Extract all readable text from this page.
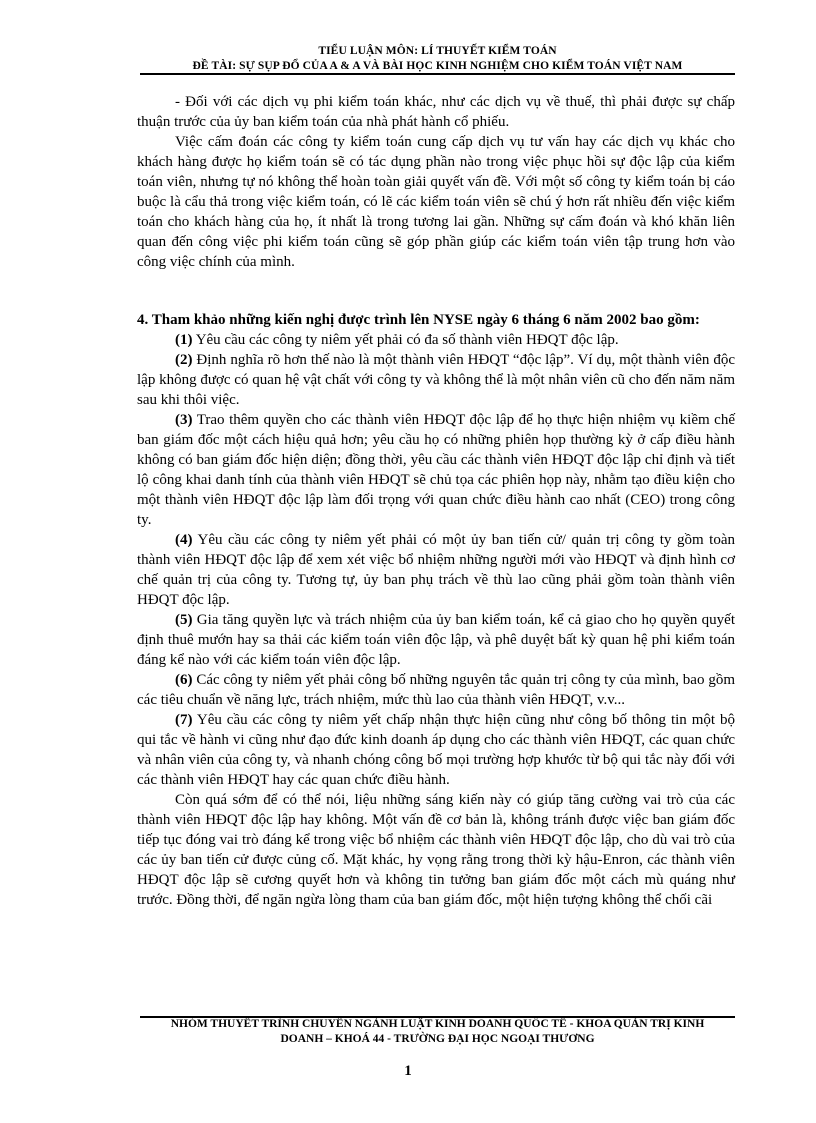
TIỂU LUẬN MÔN: LÍ THUYẾT KIỂM TOÁN
ĐỀ TÀI: SỰ SỤP ĐỔ CỦA A & A VÀ BÀI HỌC KINH NGHIỆM CHO KIỂM TOÁN VIỆT NAM

- Đối với các dịch vụ phi kiểm toán khác, như các dịch vụ về thuế, thì phải được sự chấp thuận trước của ủy ban kiểm toán của nhà phát hành cổ phiếu.

Việc cấm đoán các công ty kiểm toán cung cấp dịch vụ tư vấn hay các dịch vụ khác cho khách hàng được họ kiểm toán sẽ có tác dụng phần nào trong việc phục hồi sự độc lập của kiểm toán viên, nhưng tự nó không thể hoàn toàn giải quyết vấn đề. Với một số công ty kiểm toán bị cáo buộc là cẩu thả trong việc kiểm toán, có lẽ các kiểm toán viên sẽ chú ý hơn rất nhiều đến việc kiểm toán cho khách hàng của họ, ít nhất là trong tương lai gần. Những sự cấm đoán và khó khăn liên quan đến công việc phi kiểm toán cũng sẽ góp phần giúp các kiểm toán viên tập trung hơn vào công việc chính của mình.

4. Tham khảo những kiến nghị được trình lên NYSE ngày 6 tháng 6 năm 2002 bao gồm:

(1) Yêu cầu các công ty niêm yết phải có đa số thành viên HĐQT độc lập.

(2) Định nghĩa rõ hơn thế nào là một thành viên HĐQT “độc lập”. Ví dụ, một thành viên độc lập không được có quan hệ vật chất với công ty và không thể là một nhân viên cũ cho đến năm năm sau khi thôi việc.

(3) Trao thêm quyền cho các thành viên HĐQT độc lập để họ thực hiện nhiệm vụ kiềm chế ban giám đốc một cách hiệu quả hơn; yêu cầu họ có những phiên họp thường kỳ ở cấp điều hành không có ban giám đốc hiện diện; đồng thời, yêu cầu các thành viên HĐQT độc lập chỉ định và tiết lộ công khai danh tính của thành viên HĐQT sẽ chủ tọa các phiên họp này, nhằm tạo điều kiện cho một thành viên HĐQT độc lập làm đối trọng với quan chức điều hành cao nhất (CEO) trong công ty.

(4) Yêu cầu các công ty niêm yết phải có một ủy ban tiến cử/ quản trị công ty gồm toàn thành viên HĐQT độc lập để xem xét việc bổ nhiệm những người mới vào HĐQT và định hình cơ chế quản trị của công ty. Tương tự, ủy ban phụ trách về thù lao cũng phải gồm toàn thành viên HĐQT độc lập.

(5) Gia tăng quyền lực và trách nhiệm của ủy ban kiểm toán, kể cả giao cho họ quyền quyết định thuê mướn hay sa thải các kiểm toán viên độc lập, và phê duyệt bất kỳ quan hệ phi kiểm toán đáng kể nào với các kiểm toán viên độc lập.

(6) Các công ty niêm yết phải công bố những nguyên tắc quản trị công ty của mình, bao gồm các tiêu chuẩn về năng lực, trách nhiệm, mức thù lao của thành viên HĐQT, v.v...

(7) Yêu cầu các công ty niêm yết chấp nhận thực hiện cũng như công bố thông tin một bộ qui tắc về hành vi cũng như đạo đức kinh doanh áp dụng cho các thành viên HĐQT, các quan chức và nhân viên của công ty, và nhanh chóng công bố mọi trường hợp khước từ bộ qui tắc này đối với các thành viên HĐQT hay các quan chức điều hành.

Còn quá sớm để có thể nói, liệu những sáng kiến này có giúp tăng cường vai trò của các thành viên HĐQT độc lập hay không. Một vấn đề cơ bản là, không tránh được việc ban giám đốc tiếp tục đóng vai trò đáng kể trong việc bổ nhiệm các thành viên HĐQT độc lập, cho dù vai trò của các ủy ban tiến cử được củng cố. Mặt khác, hy vọng rằng trong thời kỳ hậu-Enron, các thành viên HĐQT độc lập sẽ cương quyết hơn và không tin tưởng ban giám đốc một cách mù quáng như trước. Đồng thời, để ngăn ngừa lòng tham của ban giám đốc, một hiện tượng không thể chối cãi

NHÓM THUYẾT TRÌNH CHUYÊN NGÀNH LUẬT KINH DOANH QUỐC TẾ - KHOA QUẢN TRỊ KINH
DOANH – KHOÁ 44 - TRƯỜNG ĐẠI HỌC NGOẠI THƯƠNG
1
